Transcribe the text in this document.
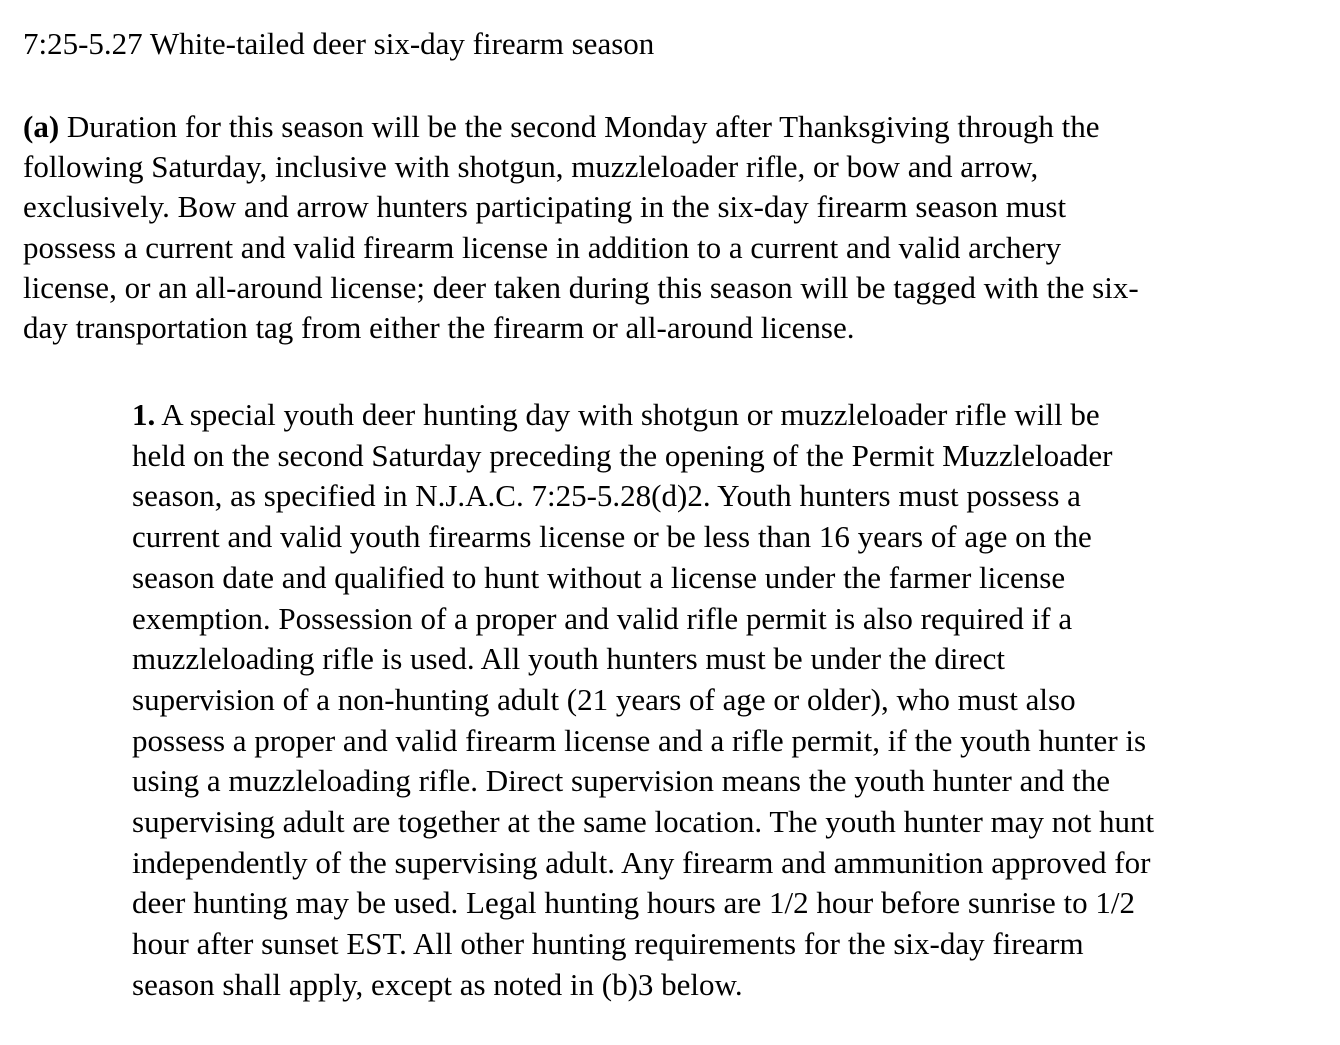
7:25-5.27 White-tailed deer six-day firearm season

(a) Duration for this season will be the second Monday after Thanksgiving through the
following Saturday, inclusive with shotgun, muzzleloader rifle, or bow and arrow,
exclusively. Bow and arrow hunters participating in the six-day firearm season must
possess a current and valid firearm license in addition to a current and valid archery
license, or an all-around license; deer taken during this season will be tagged with the six-
day transportation tag from either the firearm or all-around license.

1. A special youth deer hunting day with shotgun or muzzleloader rifle will be
held on the second Saturday preceding the opening of the Permit Muzzleloader
season, as specified in N.J.A.C. 7:25-5.28(d)2. Youth hunters must possess a
current and valid youth firearms license or be less than 16 years of age on the
season date and qualified to hunt without a license under the farmer license
exemption. Possession of a proper and valid rifle permit is also required if a
muzzleloading rifle is used. All youth hunters must be under the direct
supervision of a non-hunting adult (21 years of age or older), who must also
possess a proper and valid firearm license and a rifle permit, if the youth hunter is
using a muzzleloading rifle. Direct supervision means the youth hunter and the
supervising adult are together at the same location. The youth hunter may not hunt
independently of the supervising adult. Any firearm and ammunition approved for
deer hunting may be used. Legal hunting hours are 1/2 hour before sunrise to 1/2
hour after sunset EST. All other hunting requirements for the six-day firearm
season shall apply, except as noted in (b)3 below.
